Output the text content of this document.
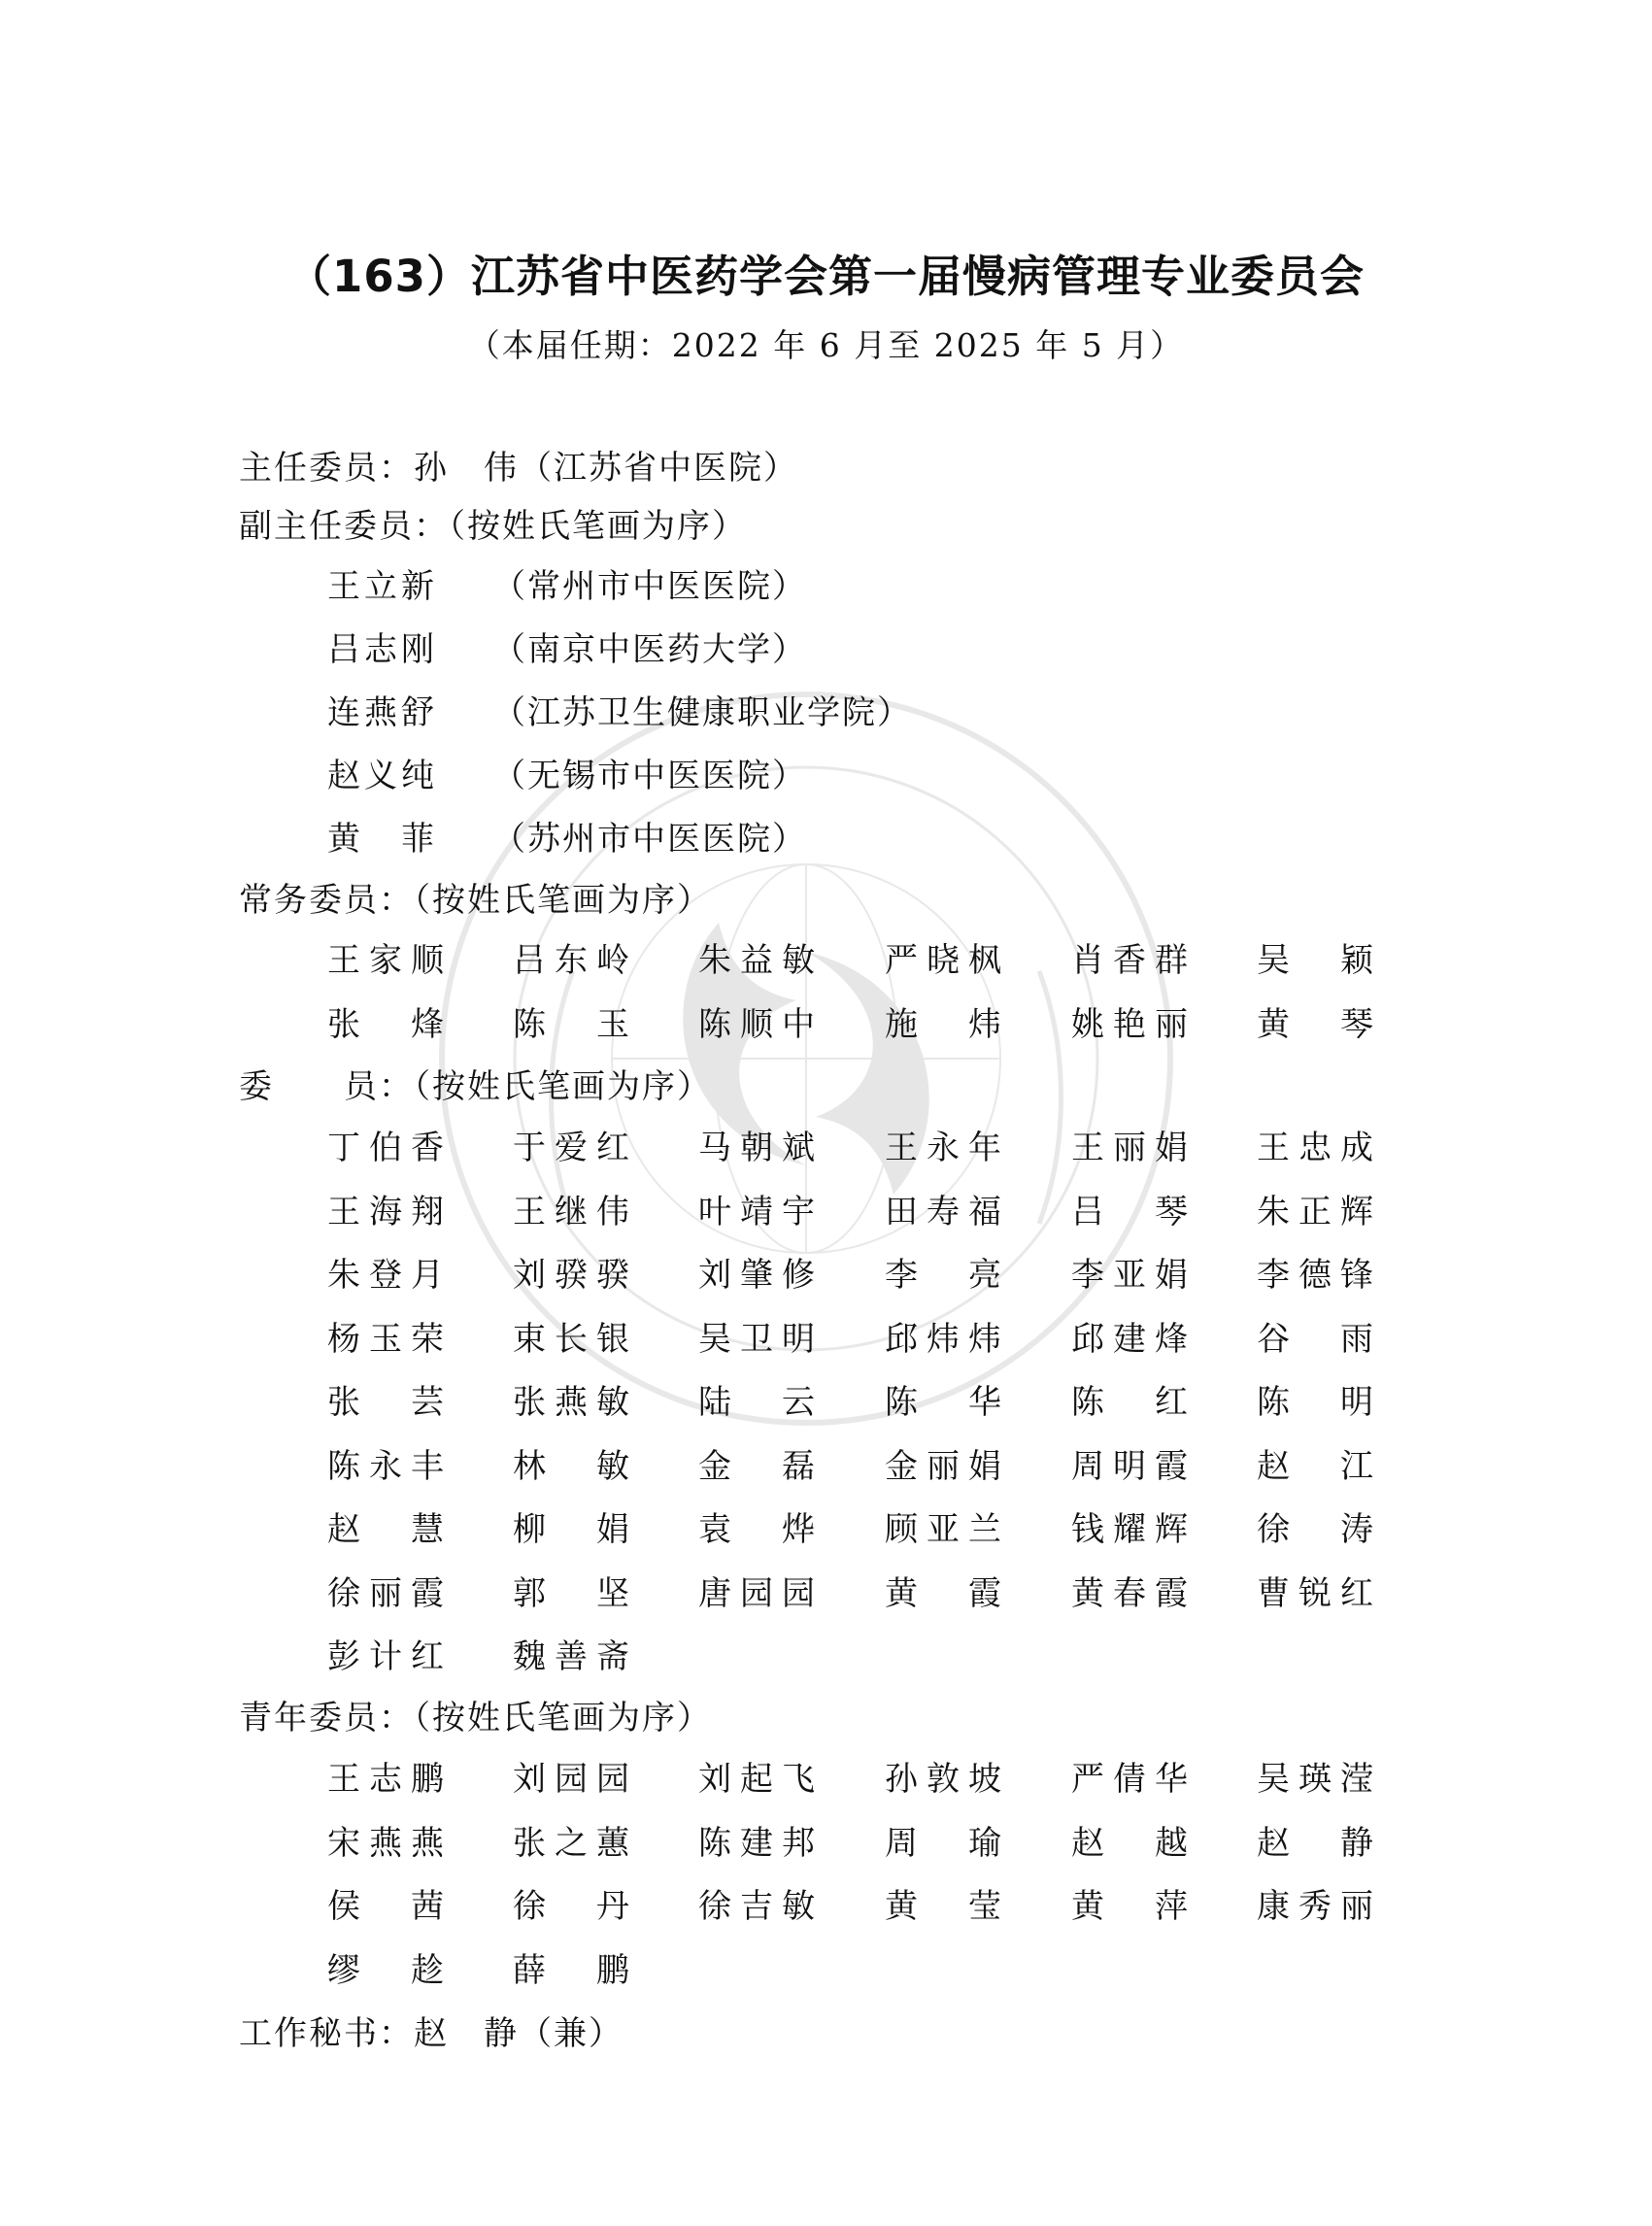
（163）江苏省中医药学会第一届慢病管理专业委员会
（本届任期：2022 年 6 月至 2025 年 5 月）
主任委员：孙　伟（江苏省中医院）
副主任委员：（按姓氏笔画为序）
王立新 （常州市中医医院）
吕志刚 （南京中医药大学）
连燕舒 （江苏卫生健康职业学院）
赵义纯 （无锡市中医医院）
黄　菲 （苏州市中医医院）
常务委员：（按姓氏笔画为序）
王 家 顺 吕 东 岭 朱 益 敏 严 晓 枫 肖 香 群 吴 颖
张 烽 陈 玉 陈 顺 中 施 炜 姚 艳 丽 黄 琴
委　　员：（按姓氏笔画为序）
丁 伯 香 于 爱 红 马 朝 斌 王 永 年 王 丽 娟 王 忠 成
王 海 翔 王 继 伟 叶 靖 宇 田 寿 福 吕 琴 朱 正 辉
朱 登 月 刘 骙 骙 刘 肇 修 李 亮 李 亚 娟 李 德 锋
杨 玉 荣 束 长 银 吴 卫 明 邱 炜 炜 邱 建 烽 谷 雨
张 芸 张 燕 敏 陆 云 陈 华 陈 红 陈 明
陈 永 丰 林 敏 金 磊 金 丽 娟 周 明 霞 赵 江
赵 慧 柳 娟 袁 烨 顾 亚 兰 钱 耀 辉 徐 涛
徐 丽 霞 郭 坚 唐 园 园 黄 霞 黄 春 霞 曹 锐 红
彭 计 红 魏 善 斋
青年委员：（按姓氏笔画为序）
王 志 鹏 刘 园 园 刘 起 飞 孙 敦 坡 严 倩 华 吴 瑛 滢
宋 燕 燕 张 之 蕙 陈 建 邦 周 瑜 赵 越 赵 静
侯 茜 徐 丹 徐 吉 敏 黄 莹 黄 萍 康 秀 丽
缪 趁 薛 鹏
工作秘书：赵　静（兼）
